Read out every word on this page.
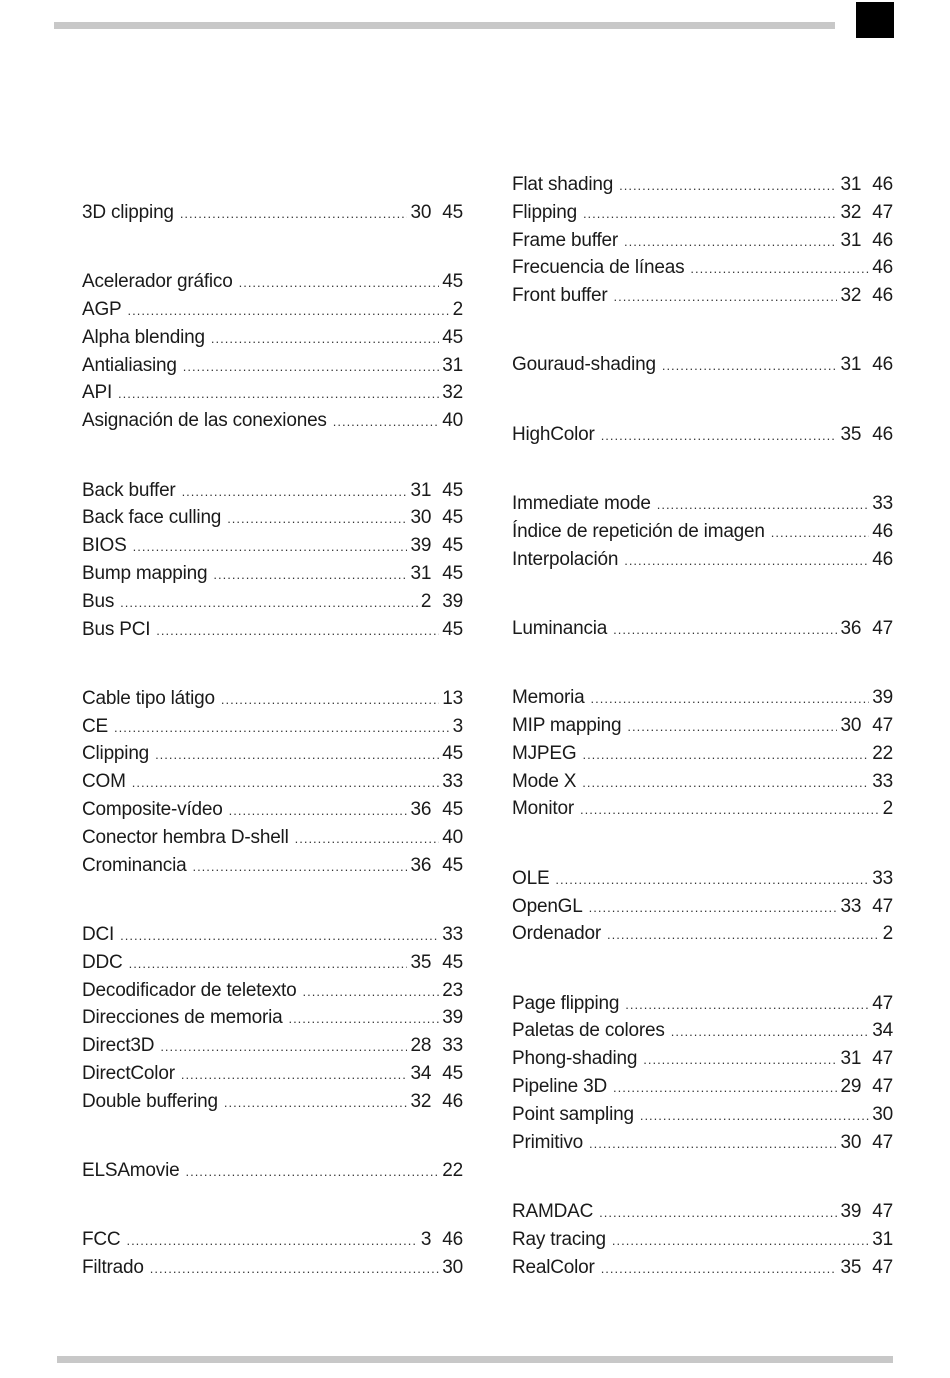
3D clipping .....	30 45
Acelerador gráfico .....	45
AGP .....	2
Alpha blending .....	45
Antialiasing .....	31
API .....	32
Asignación de las conexiones .....	40
Back buffer .....	31 45
Back face culling .....	30 45
BIOS .....	39 45
Bump mapping .....	31 45
Bus .....	2 39
Bus PCI .....	45
Cable tipo látigo .....	13
CE .....	3
Clipping .....	45
COM .....	33
Composite-vídeo .....	36 45
Conector hembra D-shell .....	40
Crominancia .....	36 45
DCI .....	33
DDC .....	35 45
Decodificador de teletexto .....	23
Direcciones de memoria .....	39
Direct3D .....	28 33
DirectColor .....	34 45
Double buffering .....	32 46
ELSAmovie .....	22
FCC .....	3 46
Filtrado .....	30
Flat shading .....	31 46
Flipping .....	32 47
Frame buffer .....	31 46
Frecuencia de líneas .....	46
Front buffer .....	32 46
Gouraud-shading .....	31 46
HighColor .....	35 46
Immediate mode .....	33
Índice de repetición de imagen .....	46
Interpolación .....	46
Luminancia .....	36 47
Memoria .....	39
MIP mapping .....	30 47
MJPEG .....	22
Mode X .....	33
Monitor .....	2
OLE .....	33
OpenGL .....	33 47
Ordenador .....	2
Page flipping .....	47
Paletas de colores .....	34
Phong-shading .....	31 47
Pipeline 3D .....	29 47
Point sampling .....	30
Primitivo .....	30 47
RAMDAC .....	39 47
Ray tracing .....	31
RealColor .....	35 47
